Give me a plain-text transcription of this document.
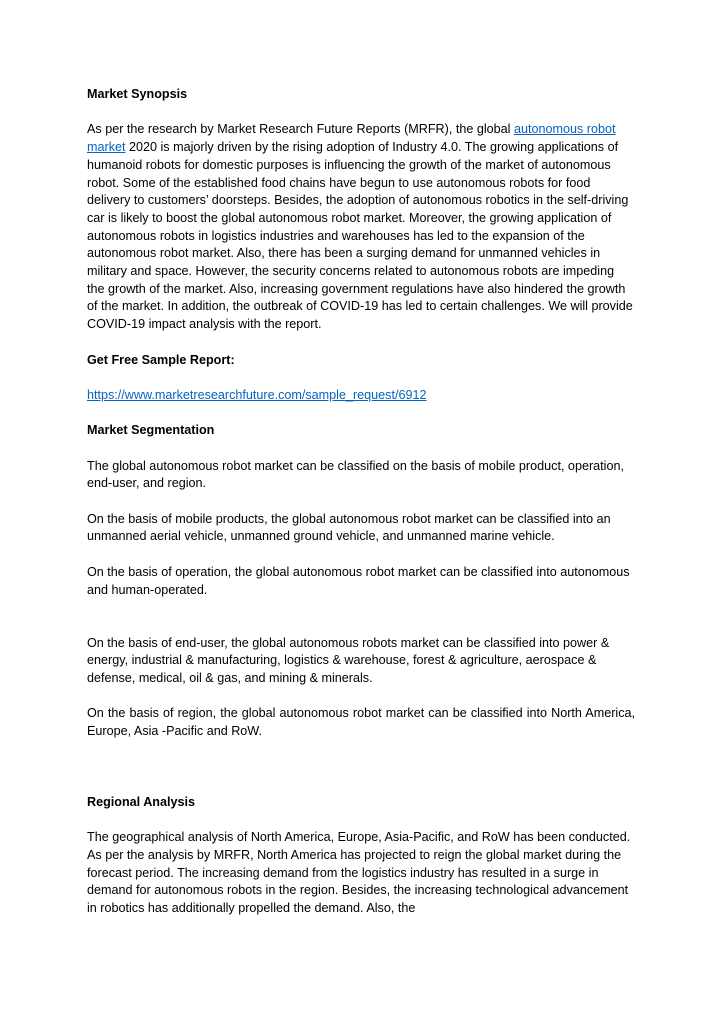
Market Synopsis

As per the research by Market Research Future Reports (MRFR), the global autonomous robot market 2020 is majorly driven by the rising adoption of Industry 4.0. The growing applications of humanoid robots for domestic purposes is influencing the growth of the market of autonomous robot. Some of the established food chains have begun to use autonomous robots for food delivery to customers’ doorsteps. Besides, the adoption of autonomous robotics in the self-driving car is likely to boost the global autonomous robot market. Moreover, the growing application of autonomous robots in logistics industries and warehouses has led to the expansion of the autonomous robot market. Also, there has been a surging demand for unmanned vehicles in military and space. However, the security concerns related to autonomous robots are impeding the growth of the market. Also, increasing government regulations have also hindered the growth of the market. In addition, the outbreak of COVID-19 has led to certain challenges. We will provide COVID-19 impact analysis with the report.

Get Free Sample Report:

https://www.marketresearchfuture.com/sample_request/6912

Market Segmentation

The global autonomous robot market can be classified on the basis of mobile product, operation, end-user, and region.

On the basis of mobile products, the global autonomous robot market can be classified into an unmanned aerial vehicle, unmanned ground vehicle, and unmanned marine vehicle.

On the basis of operation, the global autonomous robot market can be classified into autonomous and human-operated.

On the basis of end-user, the global autonomous robots market can be classified into power & energy, industrial & manufacturing, logistics & warehouse, forest & agriculture, aerospace & defense, medical, oil & gas, and mining & minerals.

On the basis of region, the global autonomous robot market can be classified into North America, Europe, Asia -Pacific and RoW.

Regional Analysis

The geographical analysis of North America, Europe, Asia-Pacific, and RoW has been conducted. As per the analysis by MRFR, North America has projected to reign the global market during the forecast period. The increasing demand from the logistics industry has resulted in a surge in demand for autonomous robots in the region. Besides, the increasing technological advancement in robotics has additionally propelled the demand. Also, the
